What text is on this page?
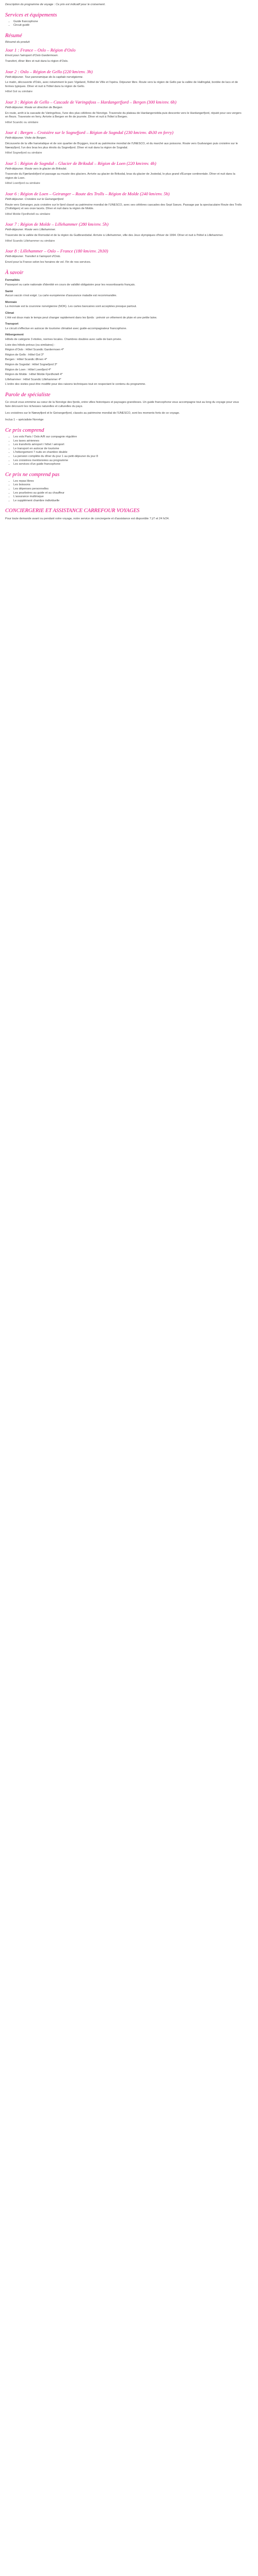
Description du programme de voyage : Ce prix est indicatif pour le croisement.

Services et équipements
• Guide francophone
• Circuit guidé
Résumé

Résumé du produit

Jour 1 : France – Oslo – Région d'Oslo

Envol pour l'aéroport d'Oslo Gardermoen.

Transfert, dîner libre et nuit dans la région d'Oslo.

Jour 2 : Oslo – Région de Gello (220 km/env. 3h)

Petit-déjeuner. Tour panoramique de la capitale norvégienne.

Le matin, découverte d'Oslo, avec notamment le parc Vigeland, l'Hôtel de Ville et l'opéra. Déjeuner libre. Route vers la région de Gello par la vallée de Hallingdal, bordée de lacs et de fermes typiques. Dîner et nuit à l'hôtel dans la région de Gello.

Hôtel Gol ou similaire

Jour 3 : Région de Gello – Cascade de Vøringsfoss – Hardangerfjord – Bergen (300 km/env. 6h)

Petit-déjeuner. Route en direction de Bergen.

En route, arrêt à la cascade de Vøringsfoss, l'une des plus célèbres de Norvège. Traversée du plateau de Hardangervidda puis descente vers le Hardangerfjord, réputé pour ses vergers en fleurs. Traversée en ferry. Arrivée à Bergen en fin de journée. Dîner et nuit à l'hôtel à Bergen.

Hôtel Scandic ou similaire

Jour 4 : Bergen – Croisière sur le Sognefjord – Région de Sogndal (230 km/env. 4h30 en ferry)

Petit-déjeuner. Visite de Bergen.

Découverte de la ville hanséatique et de son quartier de Bryggen, inscrit au patrimoine mondial de l'UNESCO, et du marché aux poissons. Route vers Gudvangen puis croisière sur le Nærøyfjord, l'un des bras les plus étroits du Sognefjord. Dîner et nuit dans la région de Sogndal.

Hôtel Sognefjord ou similaire

Jour 5 : Région de Sogndal – Glacier de Briksdal – Région de Loen (220 km/env. 4h)

Petit-déjeuner. Route vers le glacier de Briksdal.

Traversée du Fjærlandsfjord et passage au musée des glaciers. Arrivée au glacier de Briksdal, bras du glacier de Jostedal, le plus grand d'Europe continentale. Dîner et nuit dans la région de Loen.

Hôtel Loenfjord ou similaire

Jour 6 : Région de Loen – Geiranger – Route des Trolls – Région de Molde (240 km/env. 5h)

Petit-déjeuner. Croisière sur le Geirangerfjord.

Route vers Geiranger, puis croisière sur le fjord classé au patrimoine mondial de l'UNESCO, avec ses célèbres cascades des Sept Sœurs. Passage par la spectaculaire Route des Trolls (Trollstigen) et ses onze lacets. Dîner et nuit dans la région de Molde.

Hôtel Molde Fjordhotell ou similaire

Jour 7 : Région de Molde – Lillehammer (280 km/env. 5h)

Petit-déjeuner. Route vers Lillehammer.

Traversée de la vallée de Romsdal et de la région du Gudbrandsdal. Arrivée à Lillehammer, ville des Jeux olympiques d'hiver de 1994. Dîner et nuit à l'hôtel à Lillehammer.

Hôtel Scandic Lillehammer ou similaire

Jour 8 : Lillehammer – Oslo – France (180 km/env. 2h30)

Petit-déjeuner. Transfert à l'aéroport d'Oslo.

Envol pour la France selon les horaires de vol. Fin de nos services.

À savoir
Formalités

Passeport ou carte nationale d'identité en cours de validité obligatoire pour les ressortissants français.

Santé

Aucun vaccin n'est exigé. La carte européenne d'assurance maladie est recommandée.

Monnaie

La monnaie est la couronne norvégienne (NOK). Les cartes bancaires sont acceptées presque partout.

Climat

L'été est doux mais le temps peut changer rapidement dans les fjords : prévoir un vêtement de pluie et une petite laine.

Transport

Le circuit s'effectue en autocar de tourisme climatisé avec guide-accompagnateur francophone.

Hébergement

Hôtels de catégorie 3 étoiles, normes locales. Chambres doubles avec salle de bain privée.

Liste des hôtels prévus (ou similaires) :

Région d'Oslo : Hôtel Scandic Gardermoen 4*

Région de Gello : Hôtel Gol 3*

Bergen : Hôtel Scandic Ørnen 4*

Région de Sogndal : Hôtel Sognefjord 3*

Région de Loen : Hôtel Loenfjord 4*

Région de Molde : Hôtel Molde Fjordhotell 4*

Lillehammer : Hôtel Scandic Lillehammer 4*

L'ordre des visites peut être modifié pour des raisons techniques tout en respectant le contenu du programme.

Parole de spécialiste

Ce circuit vous emmène au cœur de la Norvège des fjords, entre villes historiques et paysages grandioses. Un guide francophone vous accompagne tout au long du voyage pour vous faire découvrir les richesses naturelles et culturelles du pays.

Les croisières sur le Nærøyfjord et le Geirangerfjord, classés au patrimoine mondial de l'UNESCO, sont les moments forts de ce voyage.

Inclus 1 – spécialiste Norvège

Ce prix comprend
• Les vols Paris / Oslo A/R sur compagnie régulière
• Les taxes aériennes
• Les transferts aéroport / hôtel / aéroport
• Le transport en autocar de tourisme
• L'hébergement 7 nuits en chambre double
• La pension complète du dîner du jour 1 au petit-déjeuner du jour 8
• Les croisières mentionnées au programme
• Les services d'un guide francophone
Ce prix ne comprend pas
• Les repas libres
• Les boissons
• Les dépenses personnelles
• Les pourboires au guide et au chauffeur
• L'assurance multirisque
• Le supplément chambre individuelle
CONCIERGERIE ET ASSISTANCE CARREFOUR VOYAGES

Pour toute demande avant ou pendant votre voyage, notre service de conciergerie et d'assistance est disponible 7 j/7 et 24 h/24.
